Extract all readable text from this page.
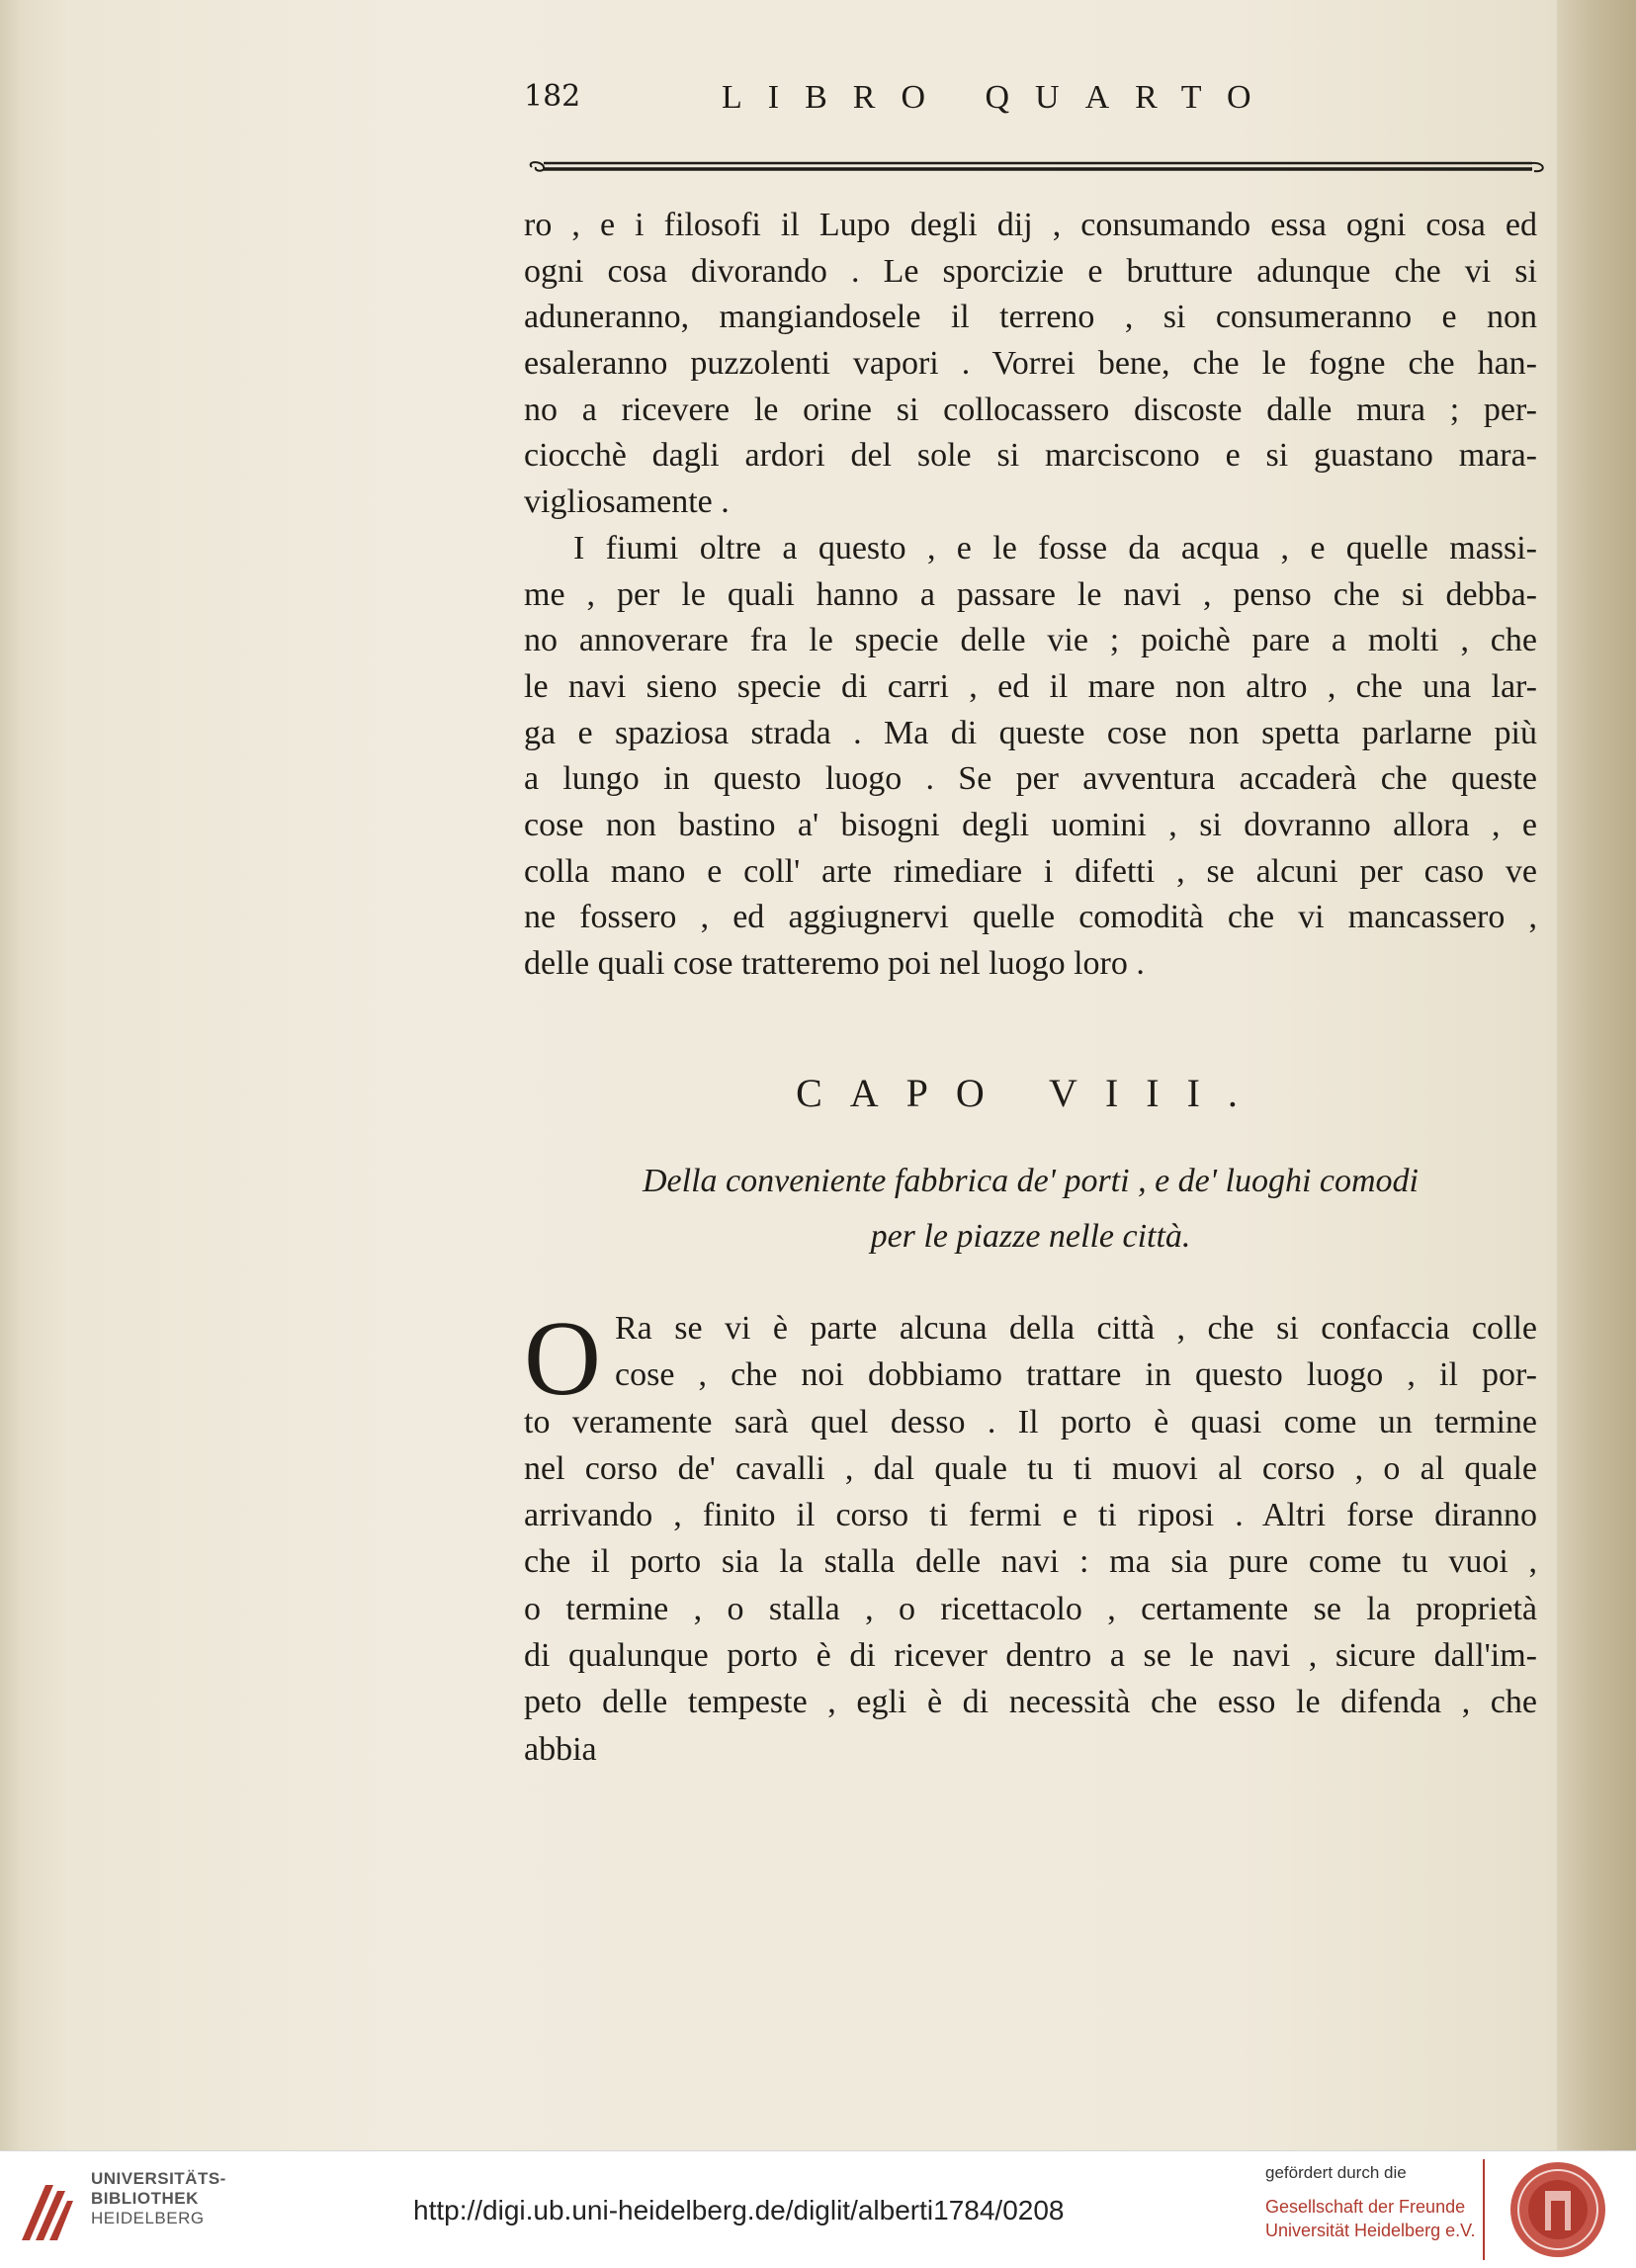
182	LIBRO QUARTO
ro , e i filosofi il Lupo degli dij , consumando essa ogni cosa ed
ogni cosa divorando . Le sporcizie e brutture adunque che vi si
aduneranno, mangiandosele il terreno , si consumeranno e non
esaleranno puzzolenti vapori . Vorrei bene, che le fogne che han-
no a ricevere le orine si collocassero discoste dalle mura ; per-
ciocchè dagli ardori del sole si marciscono e si guastano mara-
vigliosamente .
I fiumi oltre a questo , e le fosse da acqua , e quelle massi-
me , per le quali hanno a passare le navi , penso che si debba-
no annoverare fra le specie delle vie ; poichè pare a molti , che
le navi sieno specie di carri , ed il mare non altro , che una lar-
ga e spaziosa strada . Ma di queste cose non spetta parlarne più
a lungo in questo luogo . Se per avventura accaderà che queste
cose non bastino a' bisogni degli uomini , si dovranno allora , e
colla mano e coll' arte rimediare i difetti , se alcuni per caso ve
ne fossero , ed aggiugnervi quelle comodità che vi mancassero ,
delle quali cose tratteremo poi nel luogo loro .
CAPO VIII.
Della conveniente fabbrica de' porti , e de' luoghi comodi
per le piazze nelle città.
O Ra se vi è parte alcuna della città , che si confaccia colle
cose , che noi dobbiamo trattare in questo luogo , il por-
to veramente sarà quel desso . Il porto è quasi come un termine
nel corso de' cavalli , dal quale tu ti muovi al corso , o al quale
arrivando , finito il corso ti fermi e ti riposi . Altri forse diranno
che il porto sia la stalla delle navi : ma sia pure come tu vuoi ,
o termine , o stalla , o ricettacolo , certamente se la proprietà
di qualunque porto è di ricever dentro a se le navi , sicure dall'im-
peto delle tempeste , egli è di necessità che esso le difenda , che
abbia
UNIVERSITÄTS-
BIBLIOTHEK
HEIDELBERG	http://digi.ub.uni-heidelberg.de/diglit/alberti1784/0208
gefördert durch die
Gesellschaft der Freunde
Universität Heidelberg e.V.
